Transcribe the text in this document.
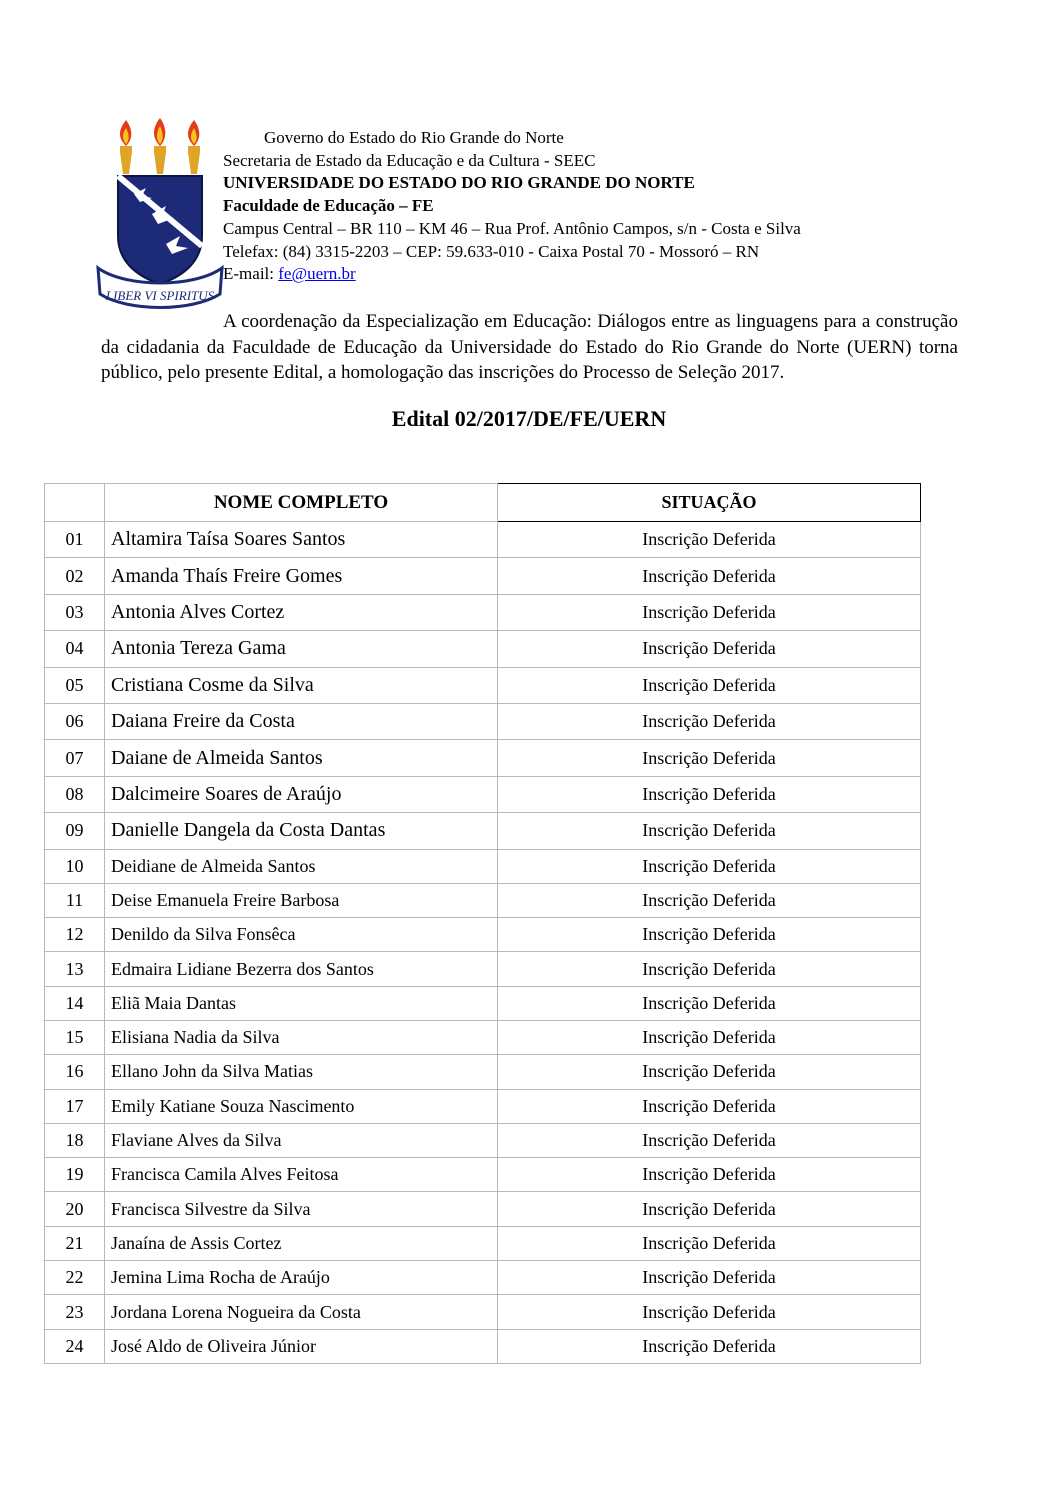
LIBER VI SPIRITUS
Governo do Estado do Rio Grande do Norte
Secretaria de Estado da Educação e da Cultura - SEEC
UNIVERSIDADE DO ESTADO DO RIO GRANDE DO NORTE
Faculdade de Educação – FE
Campus Central – BR 110 – KM 46 – Rua Prof. Antônio Campos, s/n - Costa e Silva
Telefax: (84) 3315-2203 – CEP: 59.633-010 - Caixa Postal 70 - Mossoró – RN
E-mail: fe@uern.br

A coordenação da Especialização em Educação: Diálogos entre as linguagens para a construção da cidadania da Faculdade de Educação da Universidade do Estado do Rio Grande do Norte (UERN) torna público, pelo presente Edital, a homologação das inscrições do Processo de Seleção 2017.

Edital 02/2017/DE/FE/UERN
	NOME COMPLETO	SITUAÇÃO
01	Altamira Taísa Soares Santos	Inscrição Deferida
02	Amanda Thaís Freire Gomes	Inscrição Deferida
03	Antonia Alves Cortez	Inscrição Deferida
04	Antonia Tereza Gama	Inscrição Deferida
05	Cristiana Cosme da Silva	Inscrição Deferida
06	Daiana Freire da Costa	Inscrição Deferida
07	Daiane de Almeida Santos	Inscrição Deferida
08	Dalcimeire Soares de Araújo	Inscrição Deferida
09	Danielle Dangela da Costa Dantas	Inscrição Deferida
10	Deidiane de Almeida Santos	Inscrição Deferida
11	Deise Emanuela Freire Barbosa	Inscrição Deferida
12	Denildo da Silva Fonsêca	Inscrição Deferida
13	Edmaira Lidiane Bezerra dos Santos	Inscrição Deferida
14	Eliã Maia Dantas	Inscrição Deferida
15	Elisiana Nadia da Silva	Inscrição Deferida
16	Ellano John da Silva Matias	Inscrição Deferida
17	Emily Katiane Souza Nascimento	Inscrição Deferida
18	Flaviane Alves da Silva	Inscrição Deferida
19	Francisca Camila Alves Feitosa	Inscrição Deferida
20	Francisca Silvestre da Silva	Inscrição Deferida
21	Janaína de Assis Cortez	Inscrição Deferida
22	Jemina Lima Rocha de Araújo	Inscrição Deferida
23	Jordana Lorena Nogueira da Costa	Inscrição Deferida
24	José Aldo de Oliveira Júnior	Inscrição Deferida
